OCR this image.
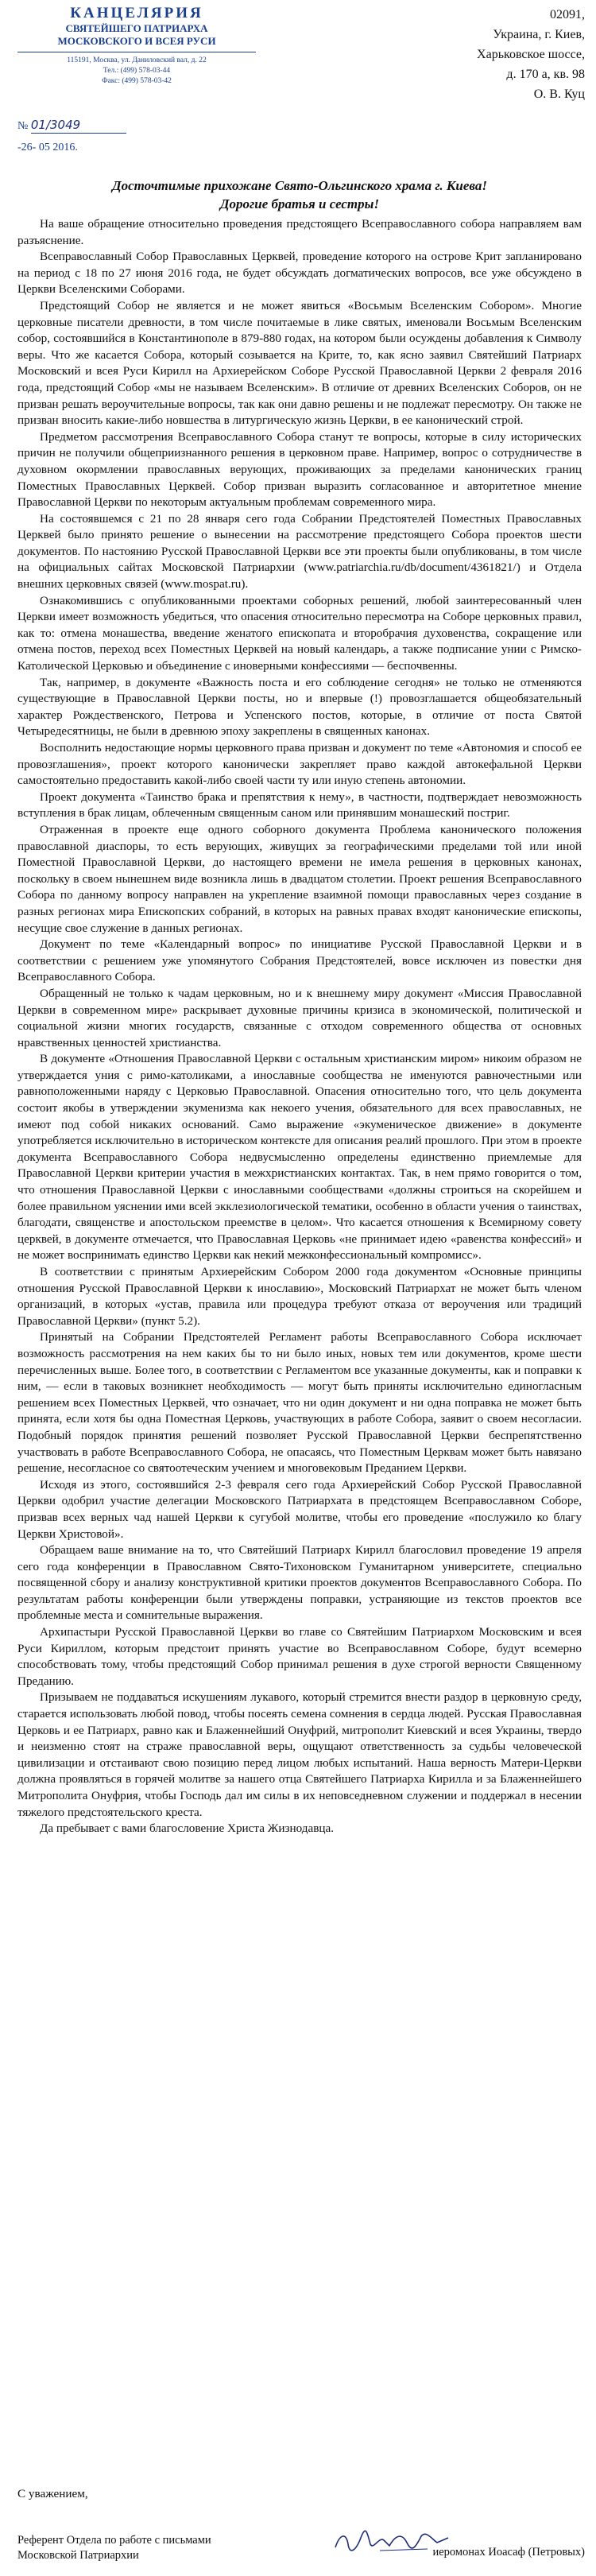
КАНЦЕЛЯРИЯ
СВЯТЕЙШЕГО ПАТРИАРХА
МОСКОВСКОГО И ВСЕЯ РУСИ
115191, Москва, ул. Даниловский вал, д. 22
Тел.: (499) 578-03-44
Факс: (499) 578-03-42
№ 01/3049
-26- 05 2016.
02091,
Украина, г. Киев,
Харьковское шоссе,
д. 170 а, кв. 98
О. В. Куц
Досточтимые прихожане Свято-Ольгинского храма г. Киева!
Дорогие братья и сестры!

На ваше обращение относительно проведения предстоящего Всеправославного собора направляем вам разъяснение.

Всеправославный Собор Православных Церквей, проведение которого на острове Крит запланировано на период с 18 по 27 июня 2016 года, не будет обсуждать догматических вопросов, все уже обсуждено в Церкви Вселенскими Соборами.

Предстоящий Собор не является и не может явиться «Восьмым Вселенским Собором». Многие церковные писатели древности, в том числе почитаемые в лике святых, именовали Восьмым Вселенским собор, состоявшийся в Константинополе в 879-880 годах, на котором были осуждены добавления к Символу веры. Что же касается Собора, который созывается на Крите, то, как ясно заявил Святейший Патриарх Московский и всея Руси Кирилл на Архиерейском Соборе Русской Православной Церкви 2 февраля 2016 года, предстоящий Собор «мы не называем Вселенским». В отличие от древних Вселенских Соборов, он не призван решать вероучительные вопросы, так как они давно решены и не подлежат пересмотру. Он также не призван вносить какие-либо новшества в литургическую жизнь Церкви, в ее канонический строй.

Предметом рассмотрения Всеправославного Собора станут те вопросы, которые в силу исторических причин не получили общеприизнанного решения в церковном праве. Например, вопрос о сотрудничестве в духовном окормлении православных верующих, проживающих за пределами канонических границ Поместных Православных Церквей. Собор призван выразить согласованное и авторитетное мнение Православной Церкви по некоторым актуальным проблемам современного мира.

На состоявшемся с 21 по 28 января сего года Собрании Предстоятелей Поместных Православных Церквей было принято решение о вынесении на рассмотрение предстоящего Собора проектов шести документов. По настоянию Русской Православной Церкви все эти проекты были опубликованы, в том числе на официальных сайтах Московской Патриархии (www.patriarchia.ru/db/document/4361821/) и Отдела внешних церковных связей (www.mospat.ru).

Ознакомившись с опубликованными проектами соборных решений, любой заинтересованный член Церкви имеет возможность убедиться, что опасения относительно пересмотра на Соборе церковных правил, как то: отмена монашества, введение женатого епископата и второбрачия духовенства, сокращение или отмена постов, переход всех Поместных Церквей на новый календарь, а также подписание унии с Римско-Католической Церковью и объединение с иноверными конфессиями — беспочвенны.

Так, например, в документе «Важность поста и его соблюдение сегодня» не только не отменяются существующие в Православной Церкви посты, но и впервые (!) провозглашается общеобязательный характер Рождественского, Петрова и Успенского постов, которые, в отличие от поста Святой Четыредесятницы, не были в древнюю эпоху закреплены в священных канонах.

Восполнить недостающие нормы церковного права призван и документ по теме «Автономия и способ ее провозглашения», проект которого канонически закрепляет право каждой автокефальной Церкви самостоятельно предоставить какой-либо своей части ту или иную степень автономии.

Проект документа «Таинство брака и препятствия к нему», в частности, подтверждает невозможность вступления в брак лицам, облеченным священным саном или принявшим монашеский постриг.

Отраженная в проекте еще одного соборного документа Проблема канонического положения православной диаспоры, то есть верующих, живущих за географическими пределами той или иной Поместной Православной Церкви, до настоящего времени не имела решения в церковных канонах, поскольку в своем нынешнем виде возникла лишь в двадцатом столетии. Проект решения Всеправославного Собора по данному вопросу направлен на укрепление взаимной помощи православных через создание в разных регионах мира Епископских собраний, в которых на равных правах входят канонические епископы, несущие свое служение в данных регионах.

Документ по теме «Календарный вопрос» по инициативе Русской Православной Церкви и в соответствии с решением уже упомянутого Собрания Предстоятелей, вовсе исключен из повестки дня Всеправославного Собора.

Обращенный не только к чадам церковным, но и к внешнему миру документ «Миссия Православной Церкви в современном мире» раскрывает духовные причины кризиса в экономической, политической и социальной жизни многих государств, связанные с отходом современного общества от основных нравственных ценностей христианства.

В документе «Отношения Православной Церкви с остальным христианским миром» никоим образом не утверждается уния с римо-католиками, а инославные сообщества не именуются равночестными или равноположенными наряду с Церковью Православной. Опасения относительно того, что цель документа состоит якобы в утверждении экуменизма как некоего учения, обязательного для всех православных, не имеют под собой никаких оснований. Само выражение «экуменическое движение» в документе употребляется исключительно в историческом контексте для описания реалий прошлого. При этом в проекте документа Всеправославного Собора недвусмысленно определены единственно приемлемые для Православной Церкви критерии участия в межхристианских контактах. Так, в нем прямо говорится о том, что отношения Православной Церкви с инославными сообществами «должны строиться на скорейшем и более правильном уяснении ими всей экклезиологической тематики, особенно в области учения о таинствах, благодати, священстве и апостольском преемстве в целом». Что касается отношения к Всемирному совету церквей, в документе отмечается, что Православная Церковь «не принимает идею «равенства конфессий» и не может воспринимать единство Церкви как некий межконфессиональный компромисс».

В соответствии с принятым Архиерейским Собором 2000 года документом «Основные принципы отношения Русской Православной Церкви к инославию», Московский Патриархат не может быть членом организаций, в которых «устав, правила или процедура требуют отказа от вероучения или традиций Православной Церкви» (пункт 5.2).

Принятый на Собрании Предстоятелей Регламент работы Всеправославного Собора исключает возможность рассмотрения на нем каких бы то ни было иных, новых тем или документов, кроме шести перечисленных выше. Более того, в соответствии с Регламентом все указанные документы, как и поправки к ним, — если в таковых возникнет необходимость — могут быть приняты исключительно единогласным решением всех Поместных Церквей, что означает, что ни один документ и ни одна поправка не может быть принята, если хотя бы одна Поместная Церковь, участвующих в работе Собора, заявит о своем несогласии. Подобный порядок принятия решений позволяет Русской Православной Церкви беспрепятственно участвовать в работе Всеправославного Собора, не опасаясь, что Поместным Церквам может быть навязано решение, несогласное со святоотеческим учением и многовековым Преданием Церкви.

Исходя из этого, состоявшийся 2-3 февраля сего года Архиерейский Собор Русской Православной Церкви одобрил участие делегации Московского Патриархата в предстоящем Всеправославном Соборе, призвав всех верных чад нашей Церкви к сугубой молитве, чтобы его проведение «послужило ко благу Церкви Христовой».

Обращаем ваше внимание на то, что Святейший Патриарх Кирилл благословил проведение 19 апреля сего года конференции в Православном Свято-Тихоновском Гуманитарном университете, специально посвященной сбору и анализу конструктивной критики проектов документов Всеправославного Собора. По результатам работы конференции были утверждены поправки, устраняющие из текстов проектов все проблемные места и сомнительные выражения.

Архипастыри Русской Православной Церкви во главе со Святейшим Патриархом Московским и всея Руси Кириллом, которым предстоит принять участие во Всеправославном Соборе, будут всемерно способствовать тому, чтобы предстоящий Собор принимал решения в духе строгой верности Священному Преданию.

Призываем не поддаваться искушениям лукавого, который стремится внести раздор в церковную среду, старается использовать любой повод, чтобы посеять семена сомнения в сердца людей. Русская Православная Церковь и ее Патриарх, равно как и Блаженнейший Онуфрий, митрополит Киевский и всея Украины, твердо и неизменно стоят на страже православной веры, ощущают ответственность за судьбы человеческой цивилизации и отстаивают свою позицию перед лицом любых испытаний. Наша верность Матери-Церкви должна проявляться в горячей молитве за нашего отца Святейшего Патриарха Кирилла и за Блаженнейшего Митрополита Онуфрия, чтобы Господь дал им силы в их неповседневном служении и поддержал в несении тяжелого предстоятельского креста.

Да пребывает с вами благословение Христа Жизнодавца.

С уважением,
Референт Отдела по работе с письмами
Московской Патриархии	иеромонах Иоасаф (Петровых)
